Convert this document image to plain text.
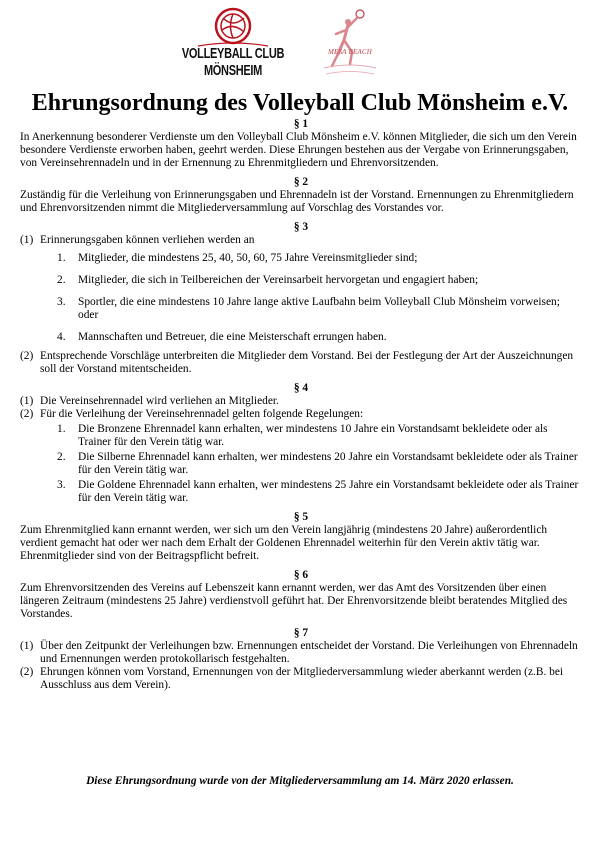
VOLLEYBALL CLUB
MÖNSHEIM
MESA BEACH
Ehrungsordnung des Volleyball Club Mönsheim e.V.

§ 1

In Anerkennung besonderer Verdienste um den Volleyball Club Mönsheim e.V. können Mitglieder, die sich um den Verein besondere Verdienste erworben haben, geehrt werden. Diese Ehrungen bestehen aus der Vergabe von Erinnerungsgaben, von Vereinsehrennadeln und in der Ernennung zu Ehrenmitgliedern und Ehrenvorsitzenden.

§ 2

Zuständig für die Verleihung von Erinnerungsgaben und Ehrennadeln ist der Vorstand. Ernennungen zu Ehrenmitgliedern und Ehrenvorsitzenden nimmt die Mitgliederversammlung auf Vorschlag des Vorstandes vor.

§ 3

(1) Erinnerungsgaben können verliehen werden an
1.	Mitglieder, die mindestens 25, 40, 50, 60, 75 Jahre Vereinsmitglieder sind;
2.	Mitglieder, die sich in Teilbereichen der Vereinsarbeit hervorgetan und engagiert haben;
3.	Sportler, die eine mindestens 10 Jahre lange aktive Laufbahn beim Volleyball Club Mönsheim vorweisen; oder
4.	Mannschaften und Betreuer, die eine Meisterschaft errungen haben.
(2) Entsprechende Vorschläge unterbreiten die Mitglieder dem Vorstand. Bei der Festlegung der Art der Auszeichnungen soll der Vorstand mitentscheiden.

§ 4

(1) Die Vereinsehrennadel wird verliehen an Mitglieder.
(2) Für die Verleihung der Vereinsehrennadel gelten folgende Regelungen:
1.	Die Bronzene Ehrennadel kann erhalten, wer mindestens 10 Jahre ein Vorstandsamt bekleidete oder als Trainer für den Verein tätig war.
2.	Die Silberne Ehrennadel kann erhalten, wer mindestens 20 Jahre ein Vorstandsamt bekleidete oder als Trainer für den Verein tätig war.
3.	Die Goldene Ehrennadel kann erhalten, wer mindestens 25 Jahre ein Vorstandsamt bekleidete oder als Trainer für den Verein tätig war.

§ 5

Zum Ehrenmitglied kann ernannt werden, wer sich um den Verein langjährig (mindestens 20 Jahre) außerordentlich verdient gemacht hat oder wer nach dem Erhalt der Goldenen Ehrennadel weiterhin für den Verein aktiv tätig war. Ehrenmitglieder sind von der Beitragspflicht befreit.

§ 6

Zum Ehrenvorsitzenden des Vereins auf Lebenszeit kann ernannt werden, wer das Amt des Vorsitzenden über einen längeren Zeitraum (mindestens 25 Jahre) verdienstvoll geführt hat. Der Ehrenvorsitzende bleibt beratendes Mitglied des Vorstandes.

§ 7

(1) Über den Zeitpunkt der Verleihungen bzw. Ernennungen entscheidet der Vorstand. Die Verleihungen von Ehrennadeln und Ernennungen werden protokollarisch festgehalten.
(2) Ehrungen können vom Vorstand, Ernennungen von der Mitgliederversammlung wieder aberkannt werden (z.B. bei Ausschluss aus dem Verein).
Diese Ehrungsordnung wurde von der Mitgliederversammlung am 14. März 2020 erlassen.
